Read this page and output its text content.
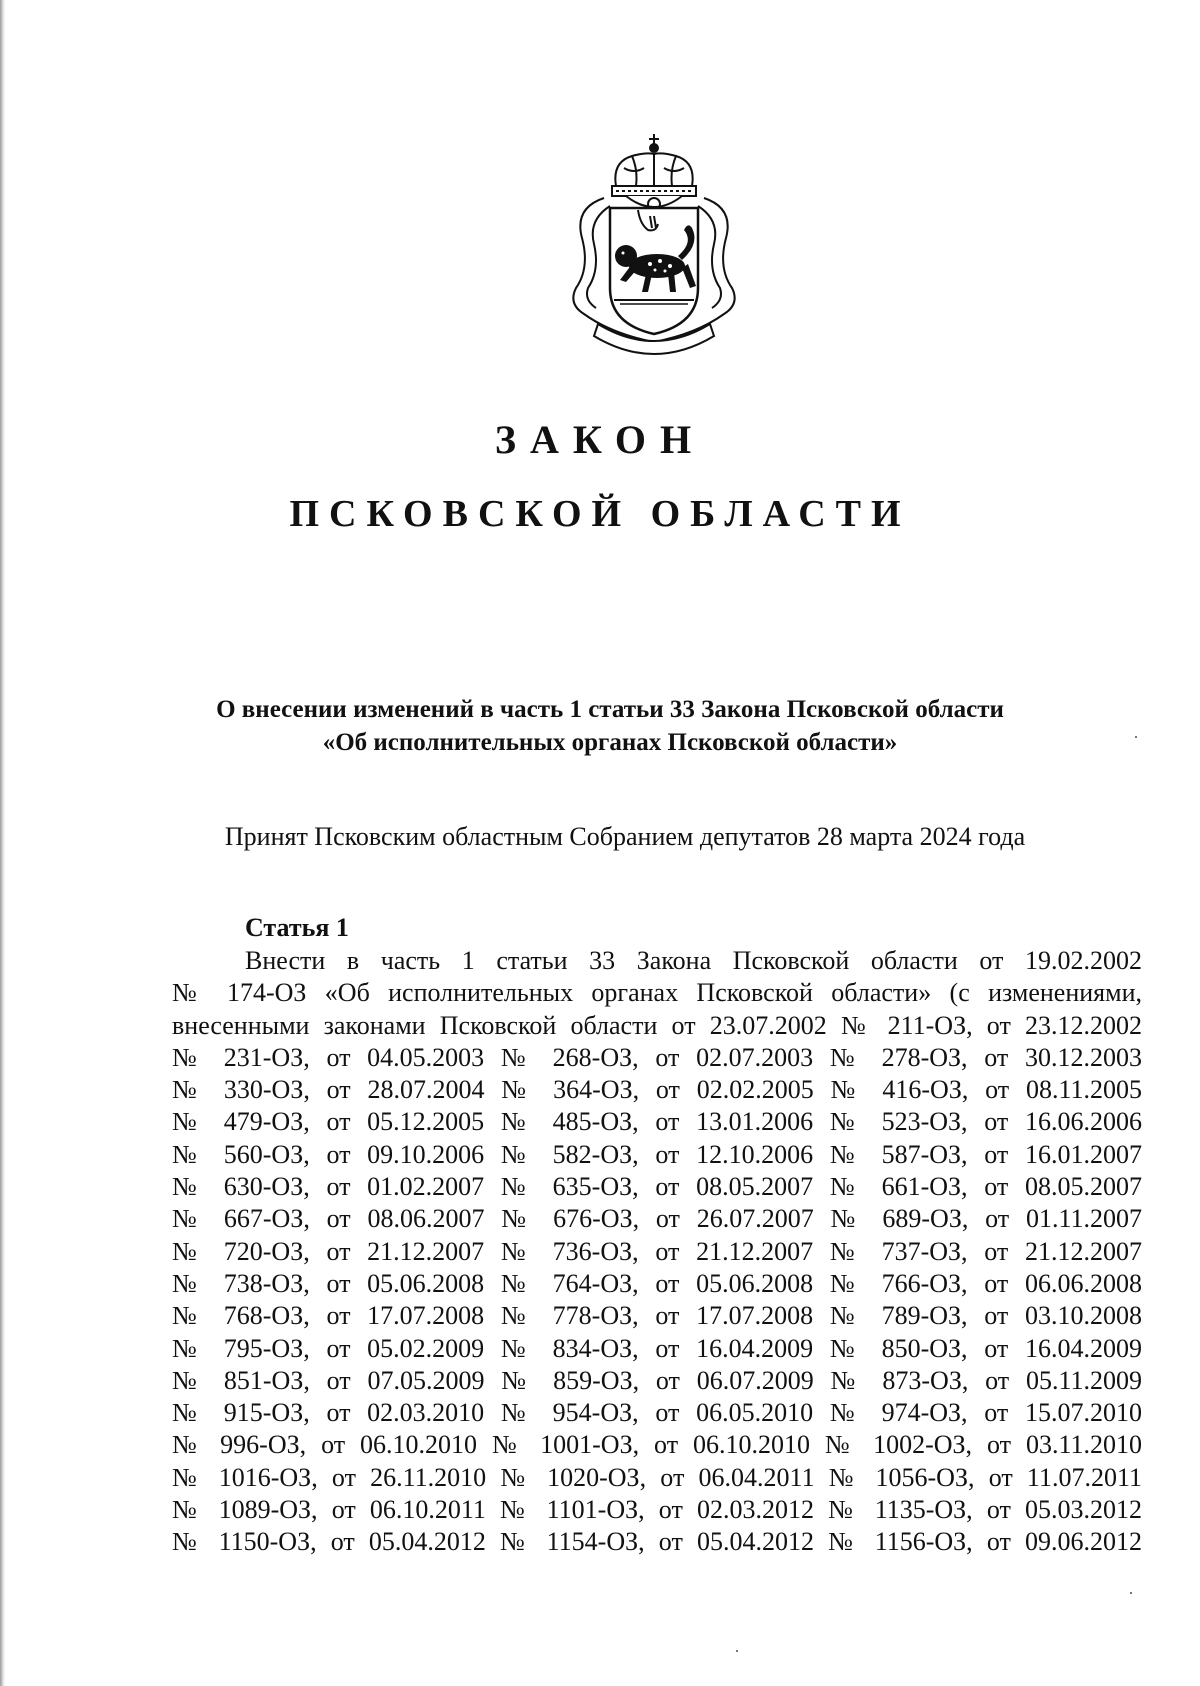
ЗАКОН
ПСКОВСКОЙ ОБЛАСТИ
О внесении изменений в часть 1 статьи 33 Закона Псковской области
«Об исполнительных органах Псковской области»
Принят Псковским областным Собранием депутатов 28 марта 2024 года
Статья 1
Внести в часть 1 статьи 33 Закона Псковской области от 19.02.2002
№ 174-ОЗ «Об исполнительных органах Псковской области» (с изменениями,
внесенными законами Псковской области от 23.07.2002 № 211-ОЗ, от 23.12.2002
№ 231-ОЗ, от 04.05.2003 № 268-ОЗ, от 02.07.2003 № 278-ОЗ, от 30.12.2003
№ 330-ОЗ, от 28.07.2004 № 364-ОЗ, от 02.02.2005 № 416-ОЗ, от 08.11.2005
№ 479-ОЗ, от 05.12.2005 № 485-ОЗ, от 13.01.2006 № 523-ОЗ, от 16.06.2006
№ 560-ОЗ, от 09.10.2006 № 582-ОЗ, от 12.10.2006 № 587-ОЗ, от 16.01.2007
№ 630-ОЗ, от 01.02.2007 № 635-ОЗ, от 08.05.2007 № 661-ОЗ, от 08.05.2007
№ 667-ОЗ, от 08.06.2007 № 676-ОЗ, от 26.07.2007 № 689-ОЗ, от 01.11.2007
№ 720-ОЗ, от 21.12.2007 № 736-ОЗ, от 21.12.2007 № 737-ОЗ, от 21.12.2007
№ 738-ОЗ, от 05.06.2008 № 764-ОЗ, от 05.06.2008 № 766-ОЗ, от 06.06.2008
№ 768-ОЗ, от 17.07.2008 № 778-ОЗ, от 17.07.2008 № 789-ОЗ, от 03.10.2008
№ 795-ОЗ, от 05.02.2009 № 834-ОЗ, от 16.04.2009 № 850-ОЗ, от 16.04.2009
№ 851-ОЗ, от 07.05.2009 № 859-ОЗ, от 06.07.2009 № 873-ОЗ, от 05.11.2009
№ 915-ОЗ, от 02.03.2010 № 954-ОЗ, от 06.05.2010 № 974-ОЗ, от 15.07.2010
№ 996-ОЗ, от 06.10.2010 № 1001-ОЗ, от 06.10.2010 № 1002-ОЗ, от 03.11.2010
№ 1016-ОЗ, от 26.11.2010 № 1020-ОЗ, от 06.04.2011 № 1056-ОЗ, от 11.07.2011
№ 1089-ОЗ, от 06.10.2011 № 1101-ОЗ, от 02.03.2012 № 1135-ОЗ, от 05.03.2012
№ 1150-ОЗ, от 05.04.2012 № 1154-ОЗ, от 05.04.2012 № 1156-ОЗ, от 09.06.2012
